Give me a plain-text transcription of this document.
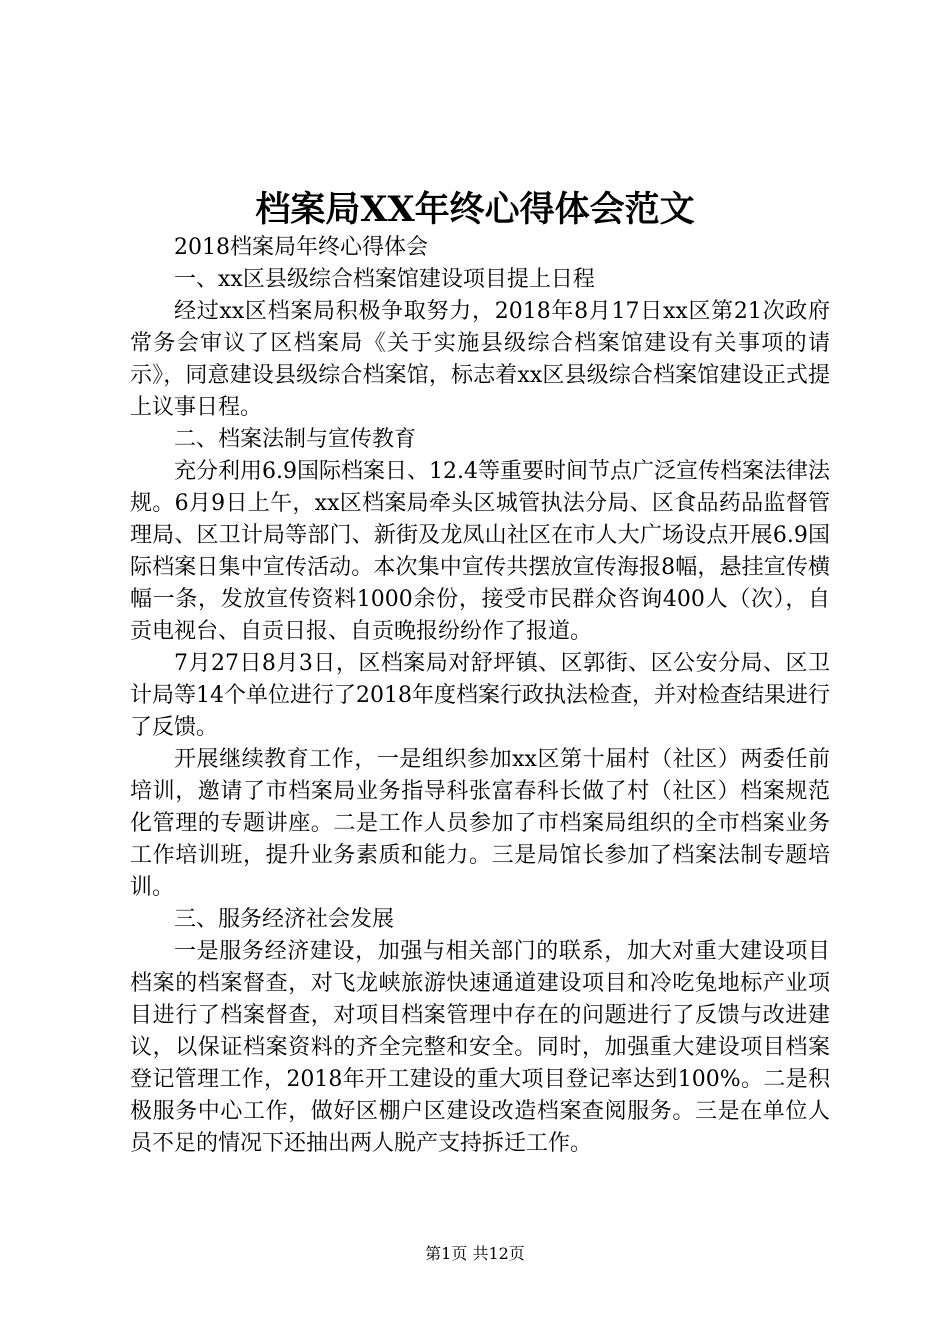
档案局XX年终心得体会范文

2018档案局年终心得体会

一、xx区县级综合档案馆建设项目提上日程

经过xx区档案局积极争取努力，2018年8月17日xx区第21次政府常务会审议了区档案局《关于实施县级综合档案馆建设有关事项的请示》，同意建设县级综合档案馆，标志着xx区县级综合档案馆建设正式提上议事日程。

二、档案法制与宣传教育

充分利用6.9国际档案日、12.4等重要时间节点广泛宣传档案法律法规。6月9日上午，xx区档案局牵头区城管执法分局、区食品药品监督管理局、区卫计局等部门、新街及龙凤山社区在市人大广场设点开展6.9国际档案日集中宣传活动。本次集中宣传共摆放宣传海报8幅，悬挂宣传横幅一条，发放宣传资料1000余份，接受市民群众咨询400人（次），自贡电视台、自贡日报、自贡晚报纷纷作了报道。

7月27日8月3日，区档案局对舒坪镇、区郭街、区公安分局、区卫计局等14个单位进行了2018年度档案行政执法检查，并对检查结果进行了反馈。

开展继续教育工作，一是组织参加xx区第十届村（社区）两委任前培训，邀请了市档案局业务指导科张富春科长做了村（社区）档案规范化管理的专题讲座。二是工作人员参加了市档案局组织的全市档案业务工作培训班，提升业务素质和能力。三是局馆长参加了档案法制专题培训。

三、服务经济社会发展

一是服务经济建设，加强与相关部门的联系，加大对重大建设项目档案的档案督查，对飞龙峡旅游快速通道建设项目和冷吃兔地标产业项目进行了档案督查，对项目档案管理中存在的问题进行了反馈与改进建议，以保证档案资料的齐全完整和安全。同时，加强重大建设项目档案登记管理工作，2018年开工建设的重大项目登记率达到100%。二是积极服务中心工作，做好区棚户区建设改造档案查阅服务。三是在单位人员不足的情况下还抽出两人脱产支持拆迁工作。

第1页 共12页
